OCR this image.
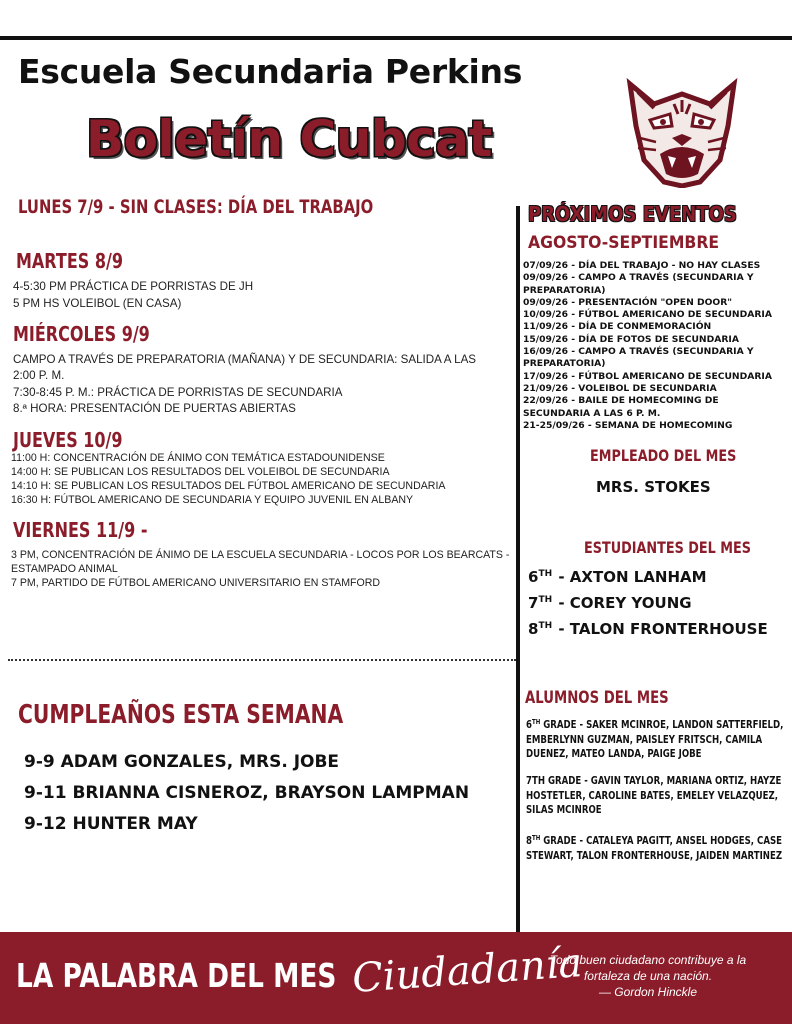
Escuela Secundaria Perkins
Boletín Cubcat
LUNES 7/9 - SIN CLASES: DÍA DEL TRABAJO
MARTES 8/9
4-5:30 PM PRÁCTICA DE PORRISTAS DE JH
5 PM HS VOLEIBOL (EN CASA)
MIÉRCOLES 9/9
CAMPO A TRAVÉS DE PREPARATORIA (MAÑANA) Y DE SECUNDARIA: SALIDA A LAS
2:00 P. M.
7:30-8:45 P. M.: PRÁCTICA DE PORRISTAS DE SECUNDARIA
8.ª HORA: PRESENTACIÓN DE PUERTAS ABIERTAS
JUEVES 10/9
11:00 H: CONCENTRACIÓN DE ÁNIMO CON TEMÁTICA ESTADOUNIDENSE
14:00 H: SE PUBLICAN LOS RESULTADOS DEL VOLEIBOL DE SECUNDARIA
14:10 H: SE PUBLICAN LOS RESULTADOS DEL FÚTBOL AMERICANO DE SECUNDARIA
16:30 H: FÚTBOL AMERICANO DE SECUNDARIA Y EQUIPO JUVENIL EN ALBANY
VIERNES 11/9 -
3 PM, CONCENTRACIÓN DE ÁNIMO DE LA ESCUELA SECUNDARIA - LOCOS POR LOS BEARCATS -
ESTAMPADO ANIMAL
7 PM, PARTIDO DE FÚTBOL AMERICANO UNIVERSITARIO EN STAMFORD
CUMPLEAÑOS ESTA SEMANA
9-9 ADAM GONZALES, MRS. JOBE
9-11 BRIANNA CISNEROZ, BRAYSON LAMPMAN
9-12 HUNTER MAY
PRÓXIMOS EVENTOS
AGOSTO-SEPTIEMBRE
07/09/26 - DÍA DEL TRABAJO - NO HAY CLASES
09/09/26 - CAMPO A TRAVÉS (SECUNDARIA Y PREPARATORIA)
09/09/26 - PRESENTACIÓN "OPEN DOOR"
10/09/26 - FÚTBOL AMERICANO DE SECUNDARIA
11/09/26 - DÍA DE CONMEMORACIÓN
15/09/26 - DÍA DE FOTOS DE SECUNDARIA
16/09/26 - CAMPO A TRAVÉS (SECUNDARIA Y PREPARATORIA)
17/09/26 - FÚTBOL AMERICANO DE SECUNDARIA
21/09/26 - VOLEIBOL DE SECUNDARIA
22/09/26 - BAILE DE HOMECOMING DE SECUNDARIA A LAS 6 P. M.
21-25/09/26 - SEMANA DE HOMECOMING
EMPLEADO DEL MES
MRS. STOKES
ESTUDIANTES DEL MES
6TH - AXTON LANHAM
7TH - COREY YOUNG
8TH - TALON FRONTERHOUSE
ALUMNOS DEL MES
6TH GRADE - SAKER MCINROE, LANDON SATTERFIELD, EMBERLYNN GUZMAN, PAISLEY FRITSCH, CAMILA DUENEZ, MATEO LANDA, PAIGE JOBE
7TH GRADE - GAVIN TAYLOR, MARIANA ORTIZ, HAYZE HOSTETLER, CAROLINE BATES, EMELEY VELAZQUEZ, SILAS MCINROE
8TH GRADE - CATALEYA PAGITT, ANSEL HODGES, CASE STEWART, TALON FRONTERHOUSE, JAIDEN MARTINEZ
LA PALABRA DEL MES Ciudadanía
Todo buen ciudadano contribuye a la
fortaleza de una nación.
— Gordon Hinckle
